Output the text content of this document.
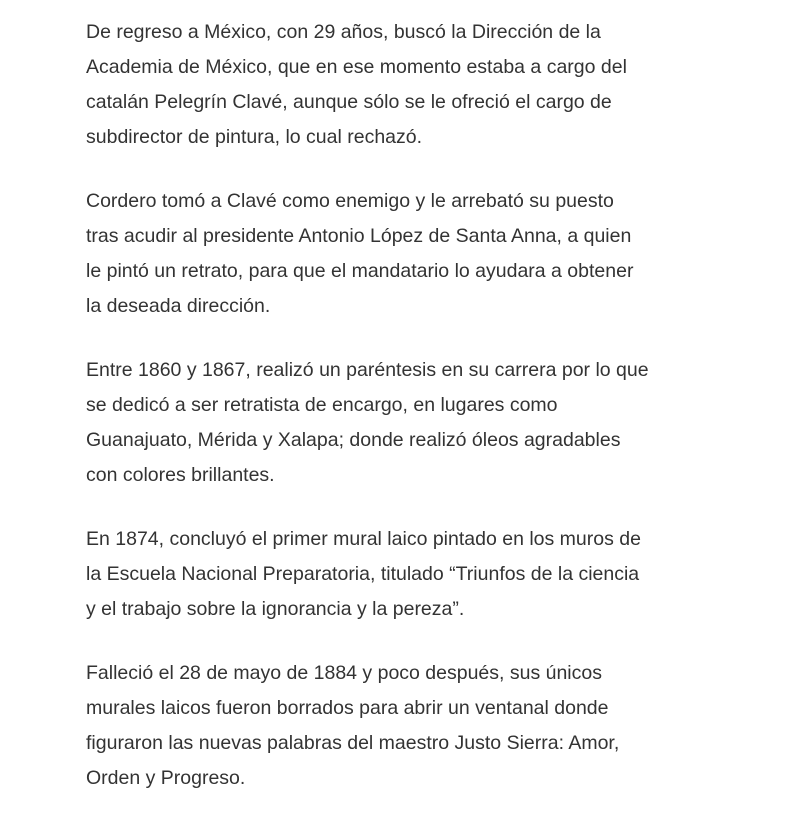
De regreso a México, con 29 años, buscó la Dirección de la
Academia de México, que en ese momento estaba a cargo del
catalán Pelegrín Clavé, aunque sólo se le ofreció el cargo de
subdirector de pintura, lo cual rechazó.

Cordero tomó a Clavé como enemigo y le arrebató su puesto
tras acudir al presidente Antonio López de Santa Anna, a quien
le pintó un retrato, para que el mandatario lo ayudara a obtener
la deseada dirección.

Entre 1860 y 1867, realizó un paréntesis en su carrera por lo que
se dedicó a ser retratista de encargo, en lugares como
Guanajuato, Mérida y Xalapa; donde realizó óleos agradables
con colores brillantes.

En 1874, concluyó el primer mural laico pintado en los muros de
la Escuela Nacional Preparatoria, titulado “Triunfos de la ciencia
y el trabajo sobre la ignorancia y la pereza”.

Falleció el 28 de mayo de 1884 y poco después, sus únicos
murales laicos fueron borrados para abrir un ventanal donde
figuraron las nuevas palabras del maestro Justo Sierra: Amor,
Orden y Progreso.
